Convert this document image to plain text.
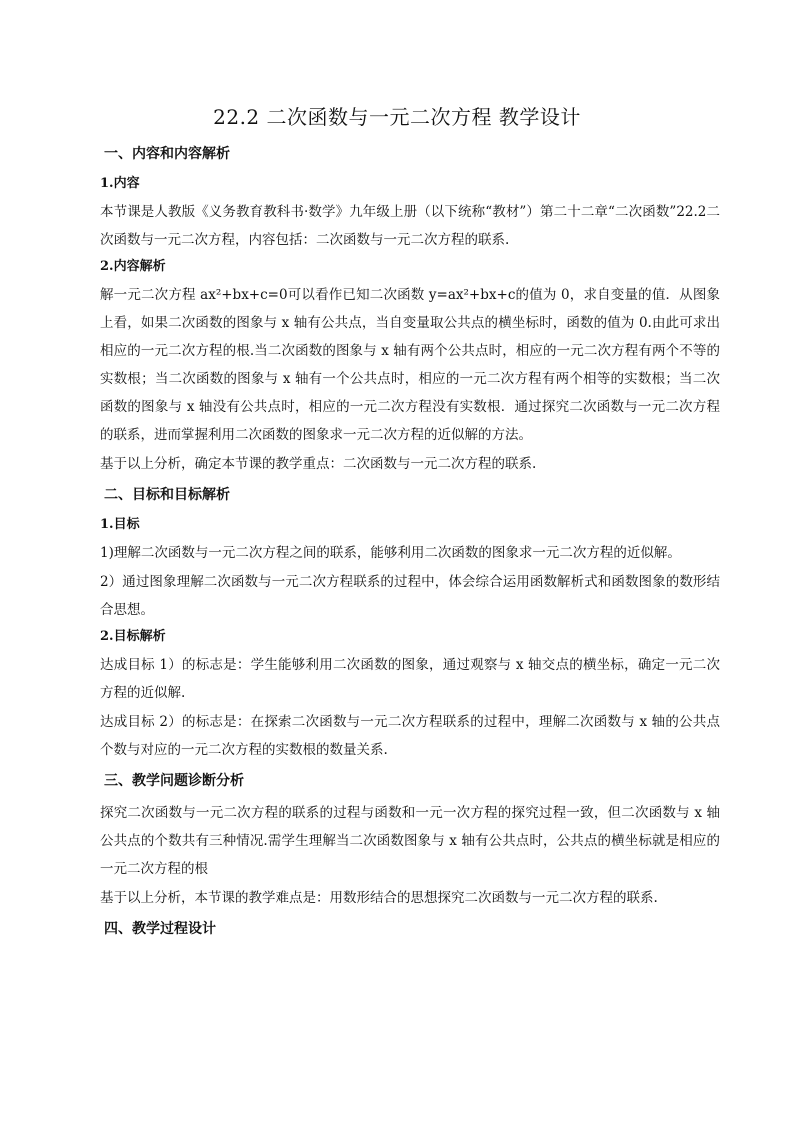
22.2 二次函数与一元二次方程 教学设计
一、内容和内容解析
1.内容

本节课是人教版《义务教育教科书·数学》九年级上册（以下统称“教材”）第二十二章“二次函数”22.2二次函数与一元二次方程，内容包括：二次函数与一元二次方程的联系.

2.内容解析

解一元二次方程 ax²+bx+c=0可以看作已知二次函数 y=ax²+bx+c的值为 0，求自变量的值．从图象上看，如果二次函数的图象与 x 轴有公共点，当自变量取公共点的横坐标时，函数的值为 0.由此可求出相应的一元二次方程的根.当二次函数的图象与 x 轴有两个公共点时，相应的一元二次方程有两个不等的实数根；当二次函数的图象与 x 轴有一个公共点时，相应的一元二次方程有两个相等的实数根；当二次函数的图象与 x 轴没有公共点时，相应的一元二次方程没有实数根．通过探究二次函数与一元二次方程的联系，进而掌握利用二次函数的图象求一元二次方程的近似解的方法。

基于以上分析，确定本节课的教学重点：二次函数与一元二次方程的联系.

二、目标和目标解析
1.目标

1)理解二次函数与一元二次方程之间的联系，能够利用二次函数的图象求一元二次方程的近似解。

2）通过图象理解二次函数与一元二次方程联系的过程中，体会综合运用函数解析式和函数图象的数形结合思想。

2.目标解析

达成目标 1）的标志是：学生能够利用二次函数的图象，通过观察与 x 轴交点的横坐标，确定一元二次方程的近似解.

达成目标 2）的标志是：在探索二次函数与一元二次方程联系的过程中，理解二次函数与 x 轴的公共点个数与对应的一元二次方程的实数根的数量关系.

三、教学问题诊断分析

探究二次函数与一元二次方程的联系的过程与函数和一元一次方程的探究过程一致，但二次函数与 x 轴公共点的个数共有三种情况.需学生理解当二次函数图象与 x 轴有公共点时，公共点的横坐标就是相应的一元二次方程的根

基于以上分析，本节课的教学难点是：用数形结合的思想探究二次函数与一元二次方程的联系.

四、教学过程设计
